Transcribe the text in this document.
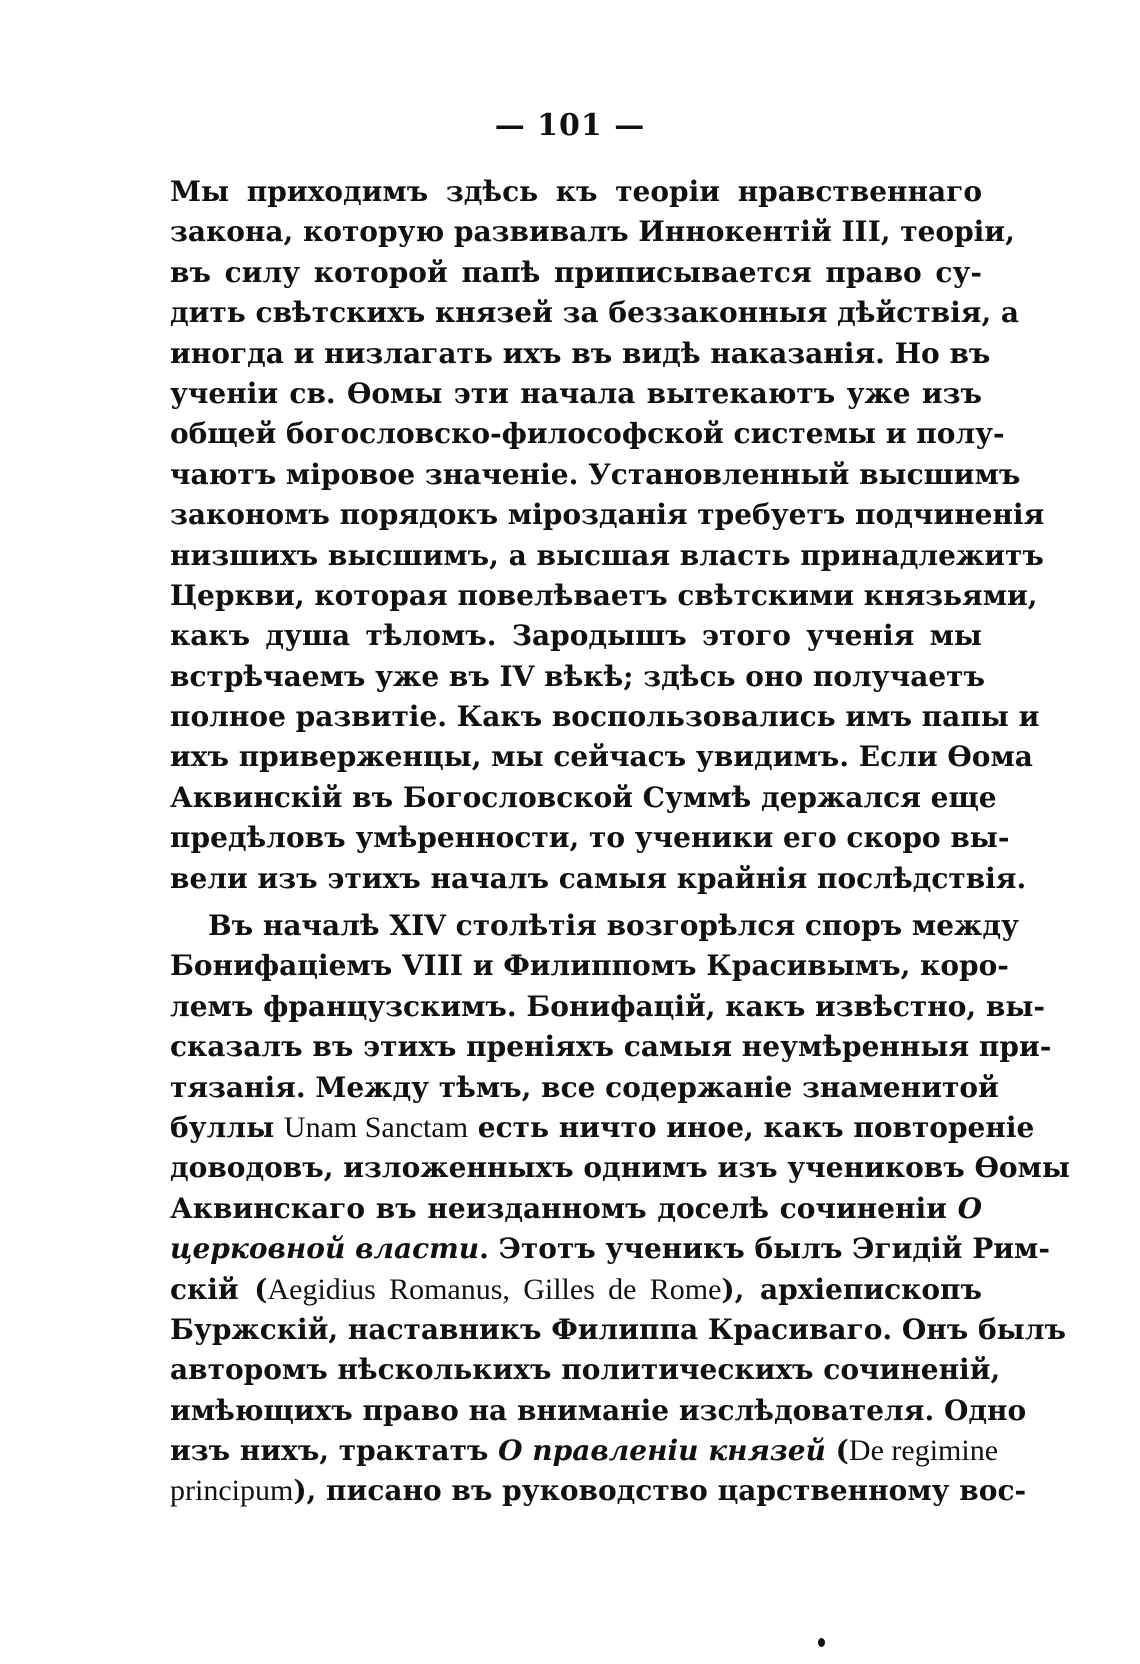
— 101 —
Мы приходимъ здѣсь къ теоріи нравственнаго
закона, которую развивалъ Иннокентій III, теоріи,
въ силу которой папѣ приписывается право су-
дить свѣтскихъ князей за беззаконныя дѣйствія, а
иногда и низлагать ихъ въ видѣ наказанія. Но въ
ученіи св. Ѳомы эти начала вытекаютъ уже изъ
общей богословско-философской системы и полу-
чаютъ міровое значеніе. Установленный высшимъ
закономъ порядокъ мірозданія требуетъ подчиненія
низшихъ высшимъ, а высшая власть принадлежитъ
Церкви, которая повелѣваетъ свѣтскими князьями,
какъ душа тѣломъ. Зародышъ этого ученія мы
встрѣчаемъ уже въ IV вѣкѣ; здѣсь оно получаетъ
полное развитіе. Какъ воспользовались имъ папы и
ихъ приверженцы, мы сейчасъ увидимъ. Если Ѳома
Аквинскій въ Богословской Суммѣ держался еще
предѣловъ умѣренности, то ученики его скоро вы-
вели изъ этихъ началъ самыя крайнія послѣдствія.
Въ началѣ XIV столѣтія возгорѣлся споръ между
Бонифаціемъ VIII и Филиппомъ Красивымъ, коро-
лемъ французскимъ. Бонифацій, какъ извѣстно, вы-
сказалъ въ этихъ преніяхъ самыя неумѣренныя при-
тязанія. Между тѣмъ, все содержаніе знаменитой
буллы Unam Sanctam есть ничто иное, какъ повтореніе
доводовъ, изложенныхъ однимъ изъ учениковъ Ѳомы
Аквинскаго въ неизданномъ доселѣ сочиненіи О
церковной власти. Этотъ ученикъ былъ Эгидій Рим-
скій (Aegidius Romanus, Gilles de Rome), архіепископъ
Буржскій, наставникъ Филиппа Красиваго. Онъ былъ
авторомъ нѣсколькихъ политическихъ сочиненій,
имѣющихъ право на вниманіе изслѣдователя. Одно
изъ нихъ, трактатъ О правленіи князей (De regimine
principum), писано въ руководство царственному вос-
